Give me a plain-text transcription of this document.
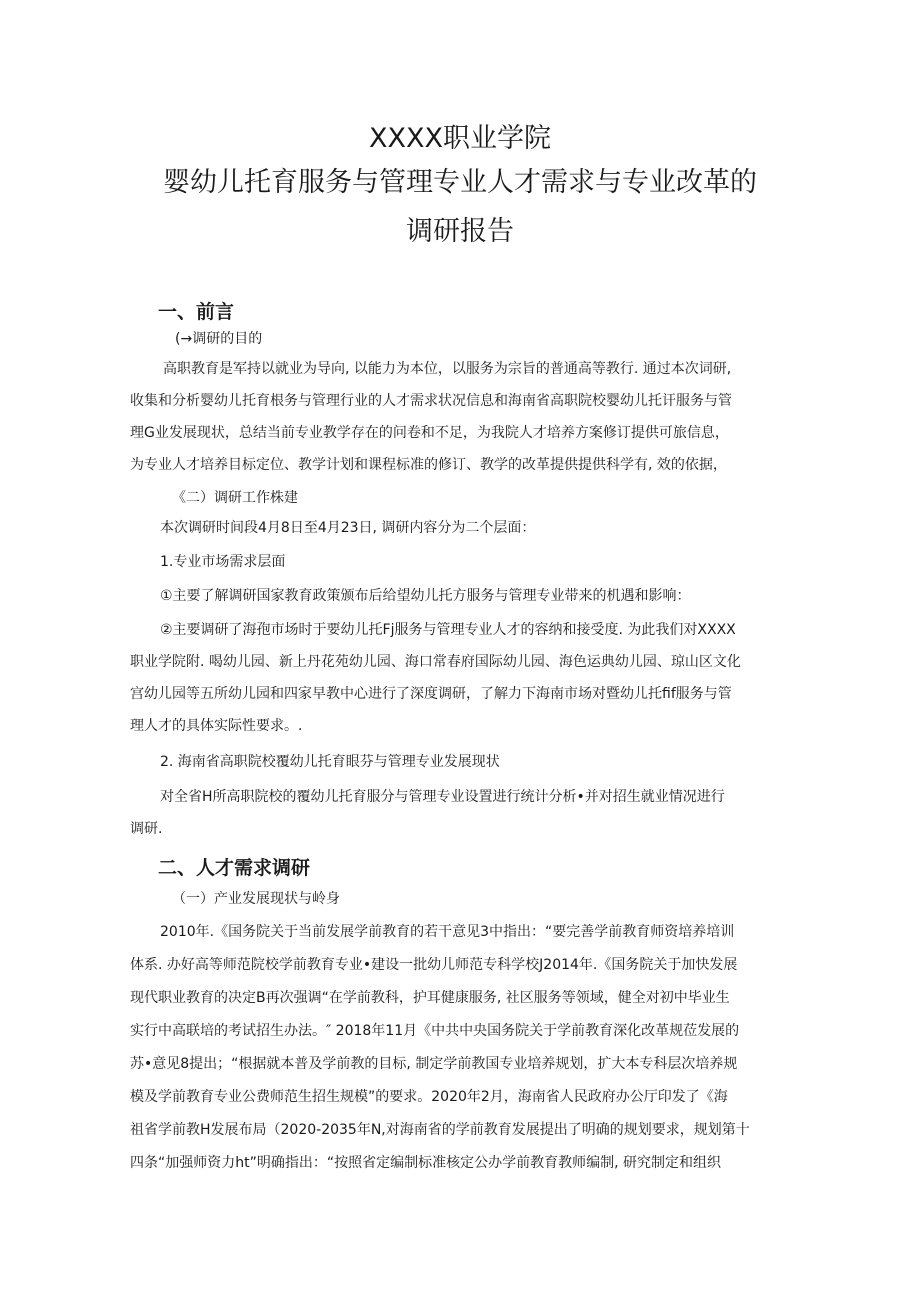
XXXX职业学院
婴幼儿托育服务与管理专业人才需求与专业改革的
调研报告
一、前言
(→调研的目的
高职教育是军持以就业为导向, 以能力为本位，以服务为宗旨的普通高等教行. 通过本次词研,
收集和分析婴幼儿托育根务与管理行业的人才需求状况信息和海南省高职院校婴幼儿托讦服务与管
理G业发展现状，总结当前专业教学存在的问卷和不足，为我院人才培养方案修订提供可旅信息，
为专业人才培养目标定位、教学计划和课程标准的修订、教学的改革提供提供科学有, 效的依据，
《二）调研工作株建
本次调研时间段4月8日至4月23日, 调研内容分为二个层面：
1.专业市场需求层面
①主要了解调研国家教育政策颁布后给望幼儿托方服务与管理专业带来的机遇和影响：
②主要调研了海孢市场时于要幼儿托Fj服务与管理专业人才的容纳和接受度. 为此我们对XXXX
职业学院附. 喝幼儿园、新上丹花苑幼儿园、海口常春府国际幼儿园、海色运典幼儿园、琼山区文化
宫幼儿园等五所幼儿园和四家早教中心进行了深度调研，了解力下海南市场对暨幼儿托fif服务与管
理人才的具体实际性要求。.
2. 海南省高职院校覆幼儿托育眼芬与管理专业发展现状
对全省H所高职院校的覆幼儿托育服分与管理专业设置进行统计分析•并对招生就业情况进行
调研.
二、人才需求调研
（一）产业发展现状与岭身
2010年.《国务院关于当前发展学前教育的若干意见3中指出：“要完善学前教育师资培养培训
体系. 办好高等师范院校学前教育专业•建设一批幼儿师范专科学校J2014年.《国务院关于加快发展
现代职业教育的决定B再次强调“在学前教科，护耳健康服务, 社区服务等领域，健全对初中毕业生
实行中高联培的考试招生办法。″ 2018年11月《中共中央国务院关于学前教育深化改革规莅发展的
苏•意见8提出；“根据就本普及学前教的目标, 制定学前教国专业培养规划，扩大本专科层次培养规
模及学前教育专业公费师范生招生规模”的要求。2020年2月，海南省人民政府办公厅印发了《海
祖省学前教H发展布局（2020-2035年N,对海南省的学前教育发展提出了明确的规划要求，规划第十
四条“加强师资力ht”明确指出：“按照省定编制标准核定公办学前教育教师编制, 研究制定和组织
